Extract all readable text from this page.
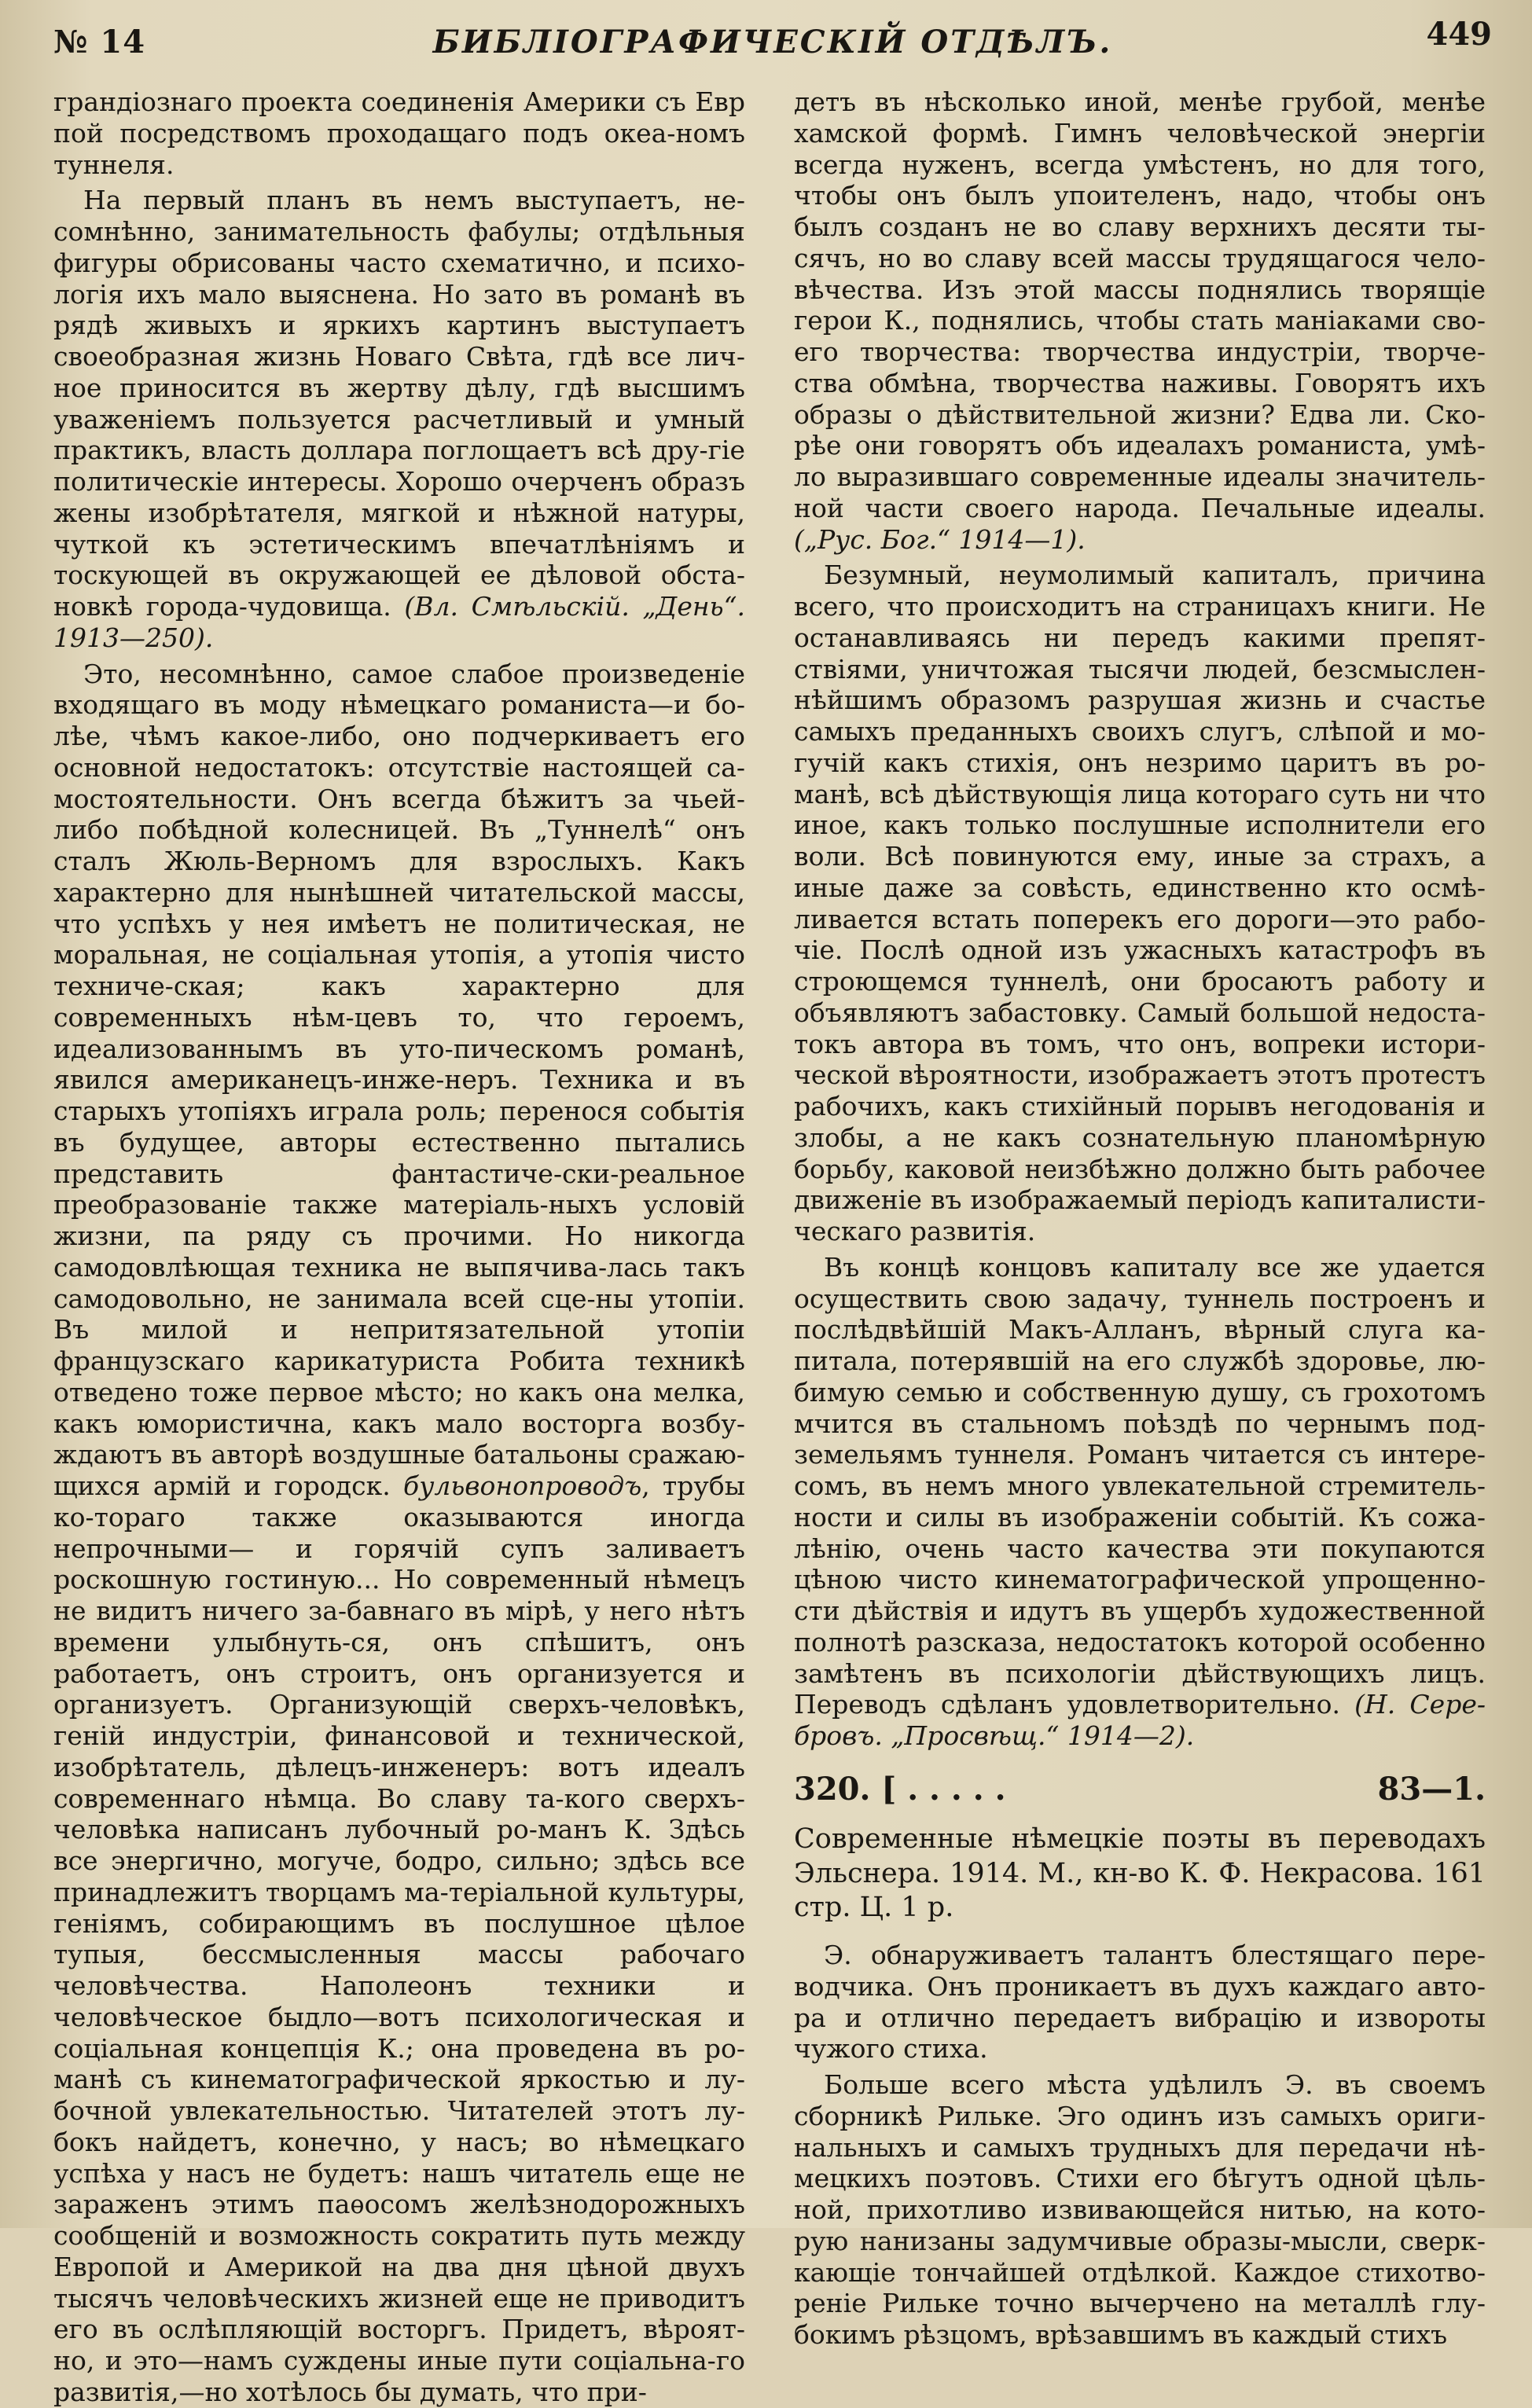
№ 14	БИБЛІОГРАФИЧЕСКІЙ ОТДѢЛЪ.	449

грандіознаго проекта соединенія Америки съ Евр пой посредствомъ проходащаго подъ океа-номъ туннеля.

На первый планъ въ немъ выступаетъ, не-сомнѣнно, занимательность фабулы; отдѣльныя фигуры обрисованы часто схематично, и психо-логія ихъ мало выяснена. Но зато въ романѣ въ рядѣ живыхъ и яркихъ картинъ выступаетъ своеобразная жизнь Новаго Свѣта, гдѣ все лич-ное приносится въ жертву дѣлу, гдѣ высшимъ уваженіемъ пользуется расчетливый и умный практикъ, власть доллара поглощаетъ всѣ дру-гіе политическіе интересы. Хорошо очерченъ образъ жены изобрѣтателя, мягкой и нѣжной натуры, чуткой къ эстетическимъ впечатлѣніямъ и тоскующей въ окружающей ее дѣловой обста-новкѣ города-чудовища. (Вл. Смѣльскій. „День“. 1913—250).

Это, несомнѣнно, самое слабое произведеніе входящаго въ моду нѣмецкаго романиста—и бо-лѣе, чѣмъ какое-либо, оно подчеркиваетъ его основной недостатокъ: отсутствіе настоящей са-мостоятельности. Онъ всегда бѣжитъ за чьей-либо побѣдной колесницей. Въ „Туннелѣ“ онъ сталъ Жюль-Верномъ для взрослыхъ. Какъ характерно для нынѣшней читательской массы, что успѣхъ у нея имѣетъ не политическая, не моральная, не соціальная утопія, а утопія чисто техниче-ская; какъ характерно для современныхъ нѣм-цевъ то, что героемъ, идеализованнымъ въ уто-пическомъ романѣ, явился американецъ-инже-неръ. Техника и въ старыхъ утопіяхъ играла роль; перенося событія въ будущее, авторы естественно пытались представить фантастиче-ски-реальное преобразованіе также матеріаль-ныхъ условій жизни, па ряду съ прочими. Но никогда самодовлѣющая техника не выпячива-лась такъ самодовольно, не занимала всей сце-ны утопіи. Въ милой и непритязательной утопіи французскаго карикатуриста Робита техникѣ отведено тоже первое мѣсто; но какъ она мелка, какъ юмористична, какъ мало восторга возбу-ждаютъ въ авторѣ воздушные батальоны сражаю-щихся армій и городск. бульвонопроводъ, трубы ко-тораго также оказываются иногда непрочными— и горячій супъ заливаетъ роскошную гостиную... Но современный нѣмецъ не видитъ ничего за-бавнаго въ мірѣ, у него нѣтъ времени улыбнуть-ся, онъ спѣшитъ, онъ работаетъ, онъ строитъ, онъ организуется и организуетъ. Организующій сверхъ-человѣкъ, геній индустріи, финансовой и технической, изобрѣтатель, дѣлецъ-инженеръ: вотъ идеалъ современнаго нѣмца. Во славу та-кого сверхъ-человѣка написанъ лубочный ро-манъ К. Здѣсь все энергично, могуче, бодро, сильно; здѣсь все принадлежитъ творцамъ ма-теріальной культуры, геніямъ, собирающимъ въ послушное цѣлое тупыя, бессмысленныя массы рабочаго человѣчества. Наполеонъ техники и человѣческое быдло—вотъ психологическая и соціальная концепція К.; она проведена въ ро-манѣ съ кинематографической яркостью и лу-бочной увлекательностью. Читателей этотъ лу-бокъ найдетъ, конечно, у насъ; во нѣмецкаго успѣха у насъ не будетъ: нашъ читатель еще не зараженъ этимъ паѳосомъ желѣзнодорожныхъ сообщеній и возможность сократить путь между Европой и Америкой на два дня цѣной двухъ тысячъ человѣческихъ жизней еще не приводитъ его въ ослѣпляющій восторгъ. Придетъ, вѣроят-но, и это—намъ суждены иные пути соціальна-го развитія,—но хотѣлось бы думать, что при-

детъ въ нѣсколько иной, менѣе грубой, менѣе хамской формѣ. Гимнъ человѣческой энергіи всегда нуженъ, всегда умѣстенъ, но для того, чтобы онъ былъ упоителенъ, надо, чтобы онъ былъ созданъ не во славу верхнихъ десяти ты-сячъ, но во славу всей массы трудящагося чело-вѣчества. Изъ этой массы поднялись творящіе герои К., поднялись, чтобы стать маніаками сво-его творчества: творчества индустріи, творче-ства обмѣна, творчества наживы. Говорятъ ихъ образы о дѣйствительной жизни? Едва ли. Ско-рѣе они говорятъ объ идеалахъ романиста, умѣ-ло выразившаго современные идеалы значитель-ной части своего народа. Печальные идеалы. („Рус. Бог.“ 1914—1).

Безумный, неумолимый капиталъ, причина всего, что происходитъ на страницахъ книги. Не останавливаясь ни передъ какими препят-ствіями, уничтожая тысячи людей, безсмыслен-нѣйшимъ образомъ разрушая жизнь и счастье самыхъ преданныхъ своихъ слугъ, слѣпой и мо-гучій какъ стихія, онъ незримо царитъ въ ро-манѣ, всѣ дѣйствующія лица котораго суть ни что иное, какъ только послушные исполнители его воли. Всѣ повинуются ему, иные за страхъ, а иные даже за совѣсть, единственно кто осмѣ-ливается встать поперекъ его дороги—это рабо-чіе. Послѣ одной изъ ужасныхъ катастрофъ въ строющемся туннелѣ, они бросаютъ работу и объявляютъ забастовку. Самый большой недоста-токъ автора въ томъ, что онъ, вопреки истори-ческой вѣроятности, изображаетъ этотъ протестъ рабочихъ, какъ стихійный порывъ негодованія и злобы, а не какъ сознательную планомѣрную борьбу, каковой неизбѣжно должно быть рабочее движеніе въ изображаемый періодъ капиталисти-ческаго развитія.

Въ концѣ концовъ капиталу все же удается осуществить свою задачу, туннель построенъ и послѣдвѣйшій Макъ-Алланъ, вѣрный слуга ка-питала, потерявшій на его службѣ здоровье, лю-бимую семью и собственную душу, съ грохотомъ мчится въ стальномъ поѣздѣ по чернымъ под-земельямъ туннеля. Романъ читается съ интере-сомъ, въ немъ много увлекательной стремитель-ности и силы въ изображеніи событій. Къ сожа-лѣнію, очень часто качества эти покупаются цѣною чисто кинематографической упрощенно-сти дѣйствія и идутъ въ ущербъ художественной полнотѣ разсказа, недостатокъ которой особенно замѣтенъ въ психологіи дѣйствующихъ лицъ. Переводъ сдѣланъ удовлетворительно. (Н. Сере-бровъ. „Просвѣщ.“ 1914—2).

320. [ . . . . .	83—1.
Современные нѣмецкіе поэты въ переводахъ Эльснера. 1914. М., кн-во К. Ф. Некрасова. 161 стр. Ц. 1 р.

Э. обнаруживаетъ талантъ блестящаго пере-водчика. Онъ проникаетъ въ духъ каждаго авто-ра и отлично передаетъ вибрацію и извороты чужого стиха.

Больше всего мѣста удѣлилъ Э. въ своемъ сборникѣ Рильке. Эго одинъ изъ самыхъ ориги-нальныхъ и самыхъ трудныхъ для передачи нѣ-мецкихъ поэтовъ. Стихи его бѣгутъ одной цѣль-ной, прихотливо извивающейся нитью, на кото-рую нанизаны задумчивые образы-мысли, сверк-кающіе тончайшей отдѣлкой. Каждое стихотво-реніе Рильке точно вычерчено на металлѣ глу-бокимъ рѣзцомъ, врѣзавшимъ въ каждый стихъ
